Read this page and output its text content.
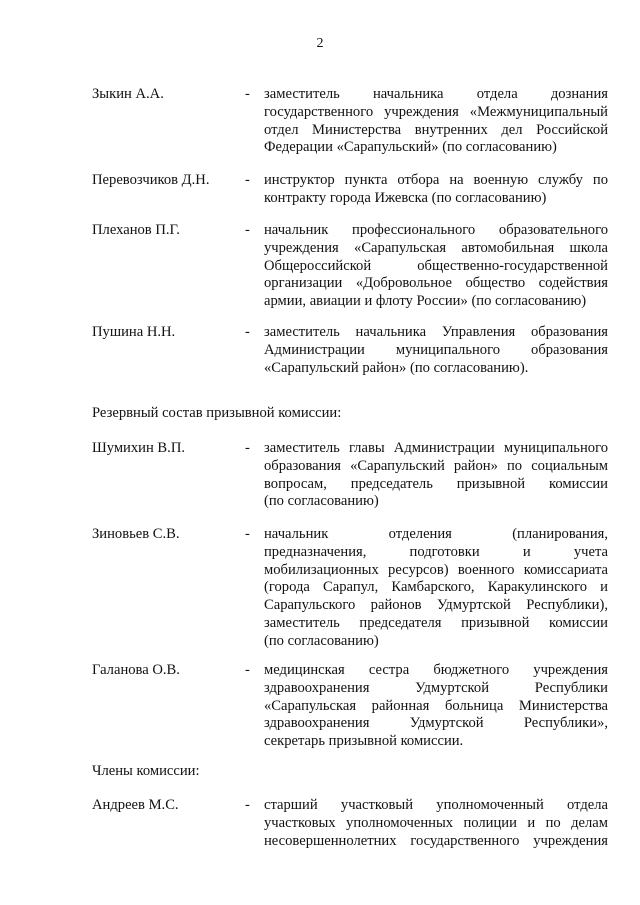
2
Зыкин А.А.	- заместитель начальника отдела дознания
государственного учреждения «Межмуниципальный
отдел Министерства внутренних дел Российской
Федерации «Сарапульский» (по согласованию)

Перевозчиков Д.Н. - инструктор пункта отбора на военную службу по
контракту города Ижевска (по согласованию)

Плеханов П.Г.	- начальник профессионального образовательного
учреждения «Сарапульская автомобильная школа
Общероссийской общественно-государственной
организации «Добровольное общество содействия
армии, авиации и флоту России» (по согласованию)

Пушина Н.Н.	- заместитель начальника Управления образования
Администрации муниципального образования
«Сарапульский район» (по согласованию).

Резервный состав призывной комиссии:
Шумихин В.П.	- заместитель главы Администрации муниципального
образования «Сарапульский район» по социальным
вопросам, председатель призывной комиссии
(по согласованию)

Зиновьев С.В.	- начальник отделения (планирования,
предназначения, подготовки и учета
мобилизационных ресурсов) военного комиссариата
(города Сарапул, Камбарского, Каракулинского и
Сарапульского районов Удмуртской Республики),
заместитель председателя призывной комиссии
(по согласованию)

Галанова О.В.	- медицинская сестра бюджетного учреждения
здравоохранения Удмуртской Республики
«Сарапульская районная больница Министерства
здравоохранения Удмуртской Республики»,
секретарь призывной комиссии.

Члены комиссии:
Андреев М.С.	- старший участковый уполномоченный отдела
участковых уполномоченных полиции и по делам
несовершеннолетних государственного учреждения
